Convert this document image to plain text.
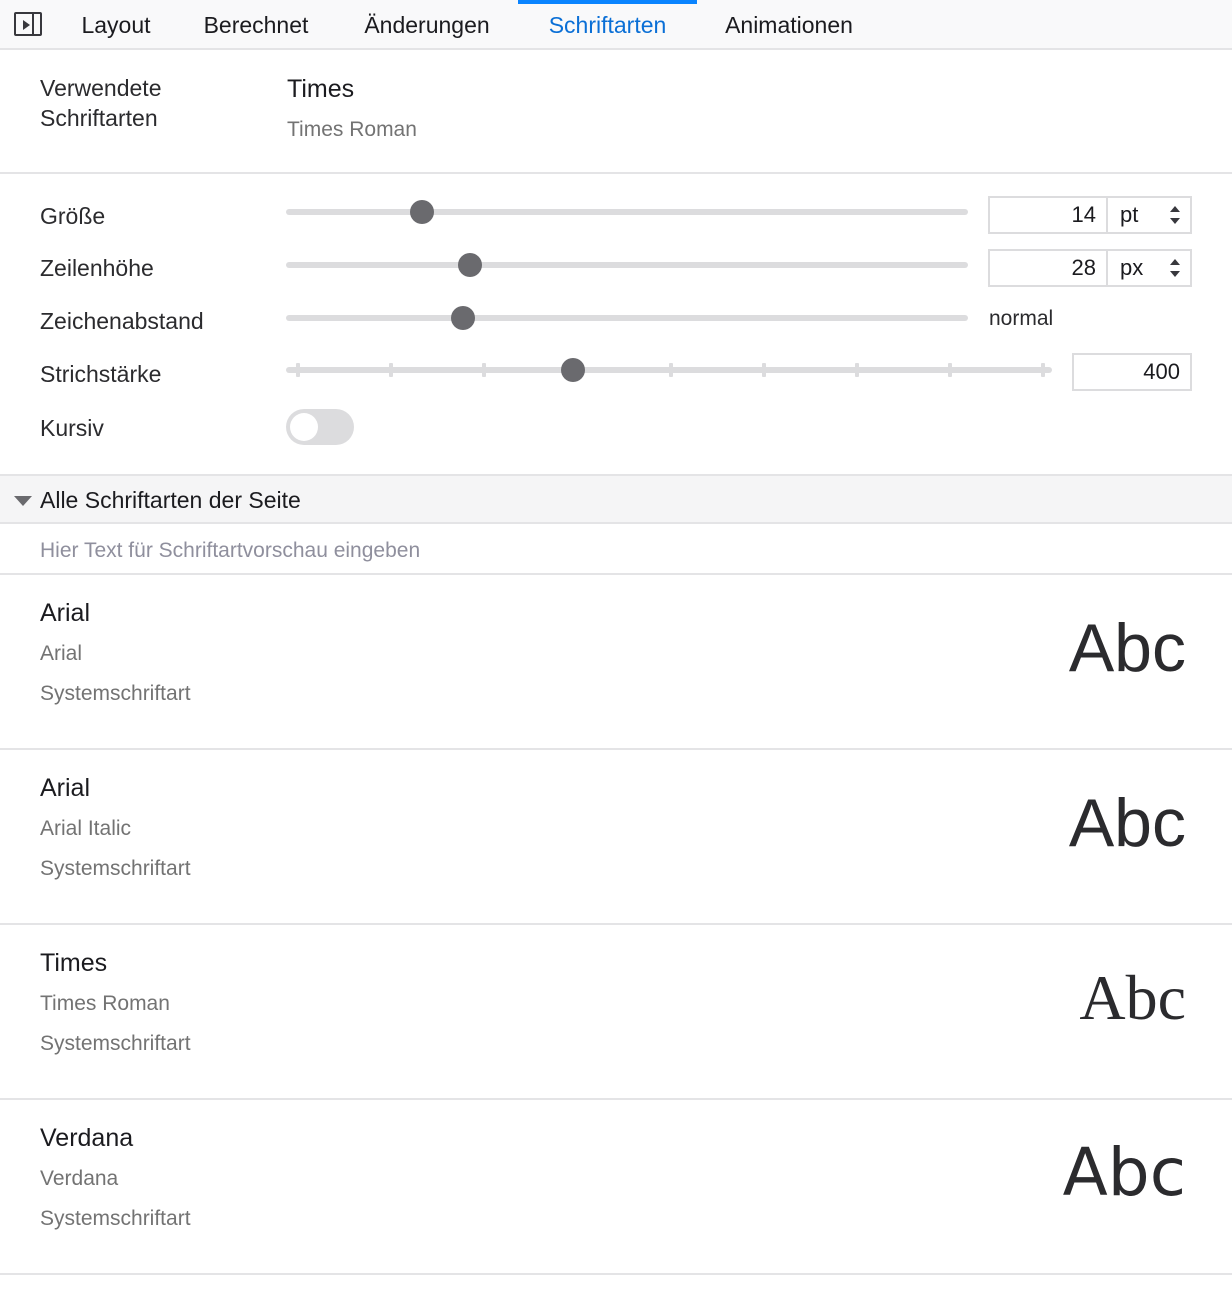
Layout	Berechnet	Änderungen	Schriftarten	Animationen
Verwendete Schriftarten
Times
Times Roman
Größe	14	pt
Zeilenhöhe	28	px
Zeichenabstand	normal
Strichstärke	400
Kursiv
Alle Schriftarten der Seite
Hier Text für Schriftartvorschau eingeben
Arial
Arial
Systemschriftart
Abc
Arial
Arial Italic
Systemschriftart
Abc
Times
Times Roman
Systemschriftart
Abc
Verdana
Verdana
Systemschriftart
Abc
